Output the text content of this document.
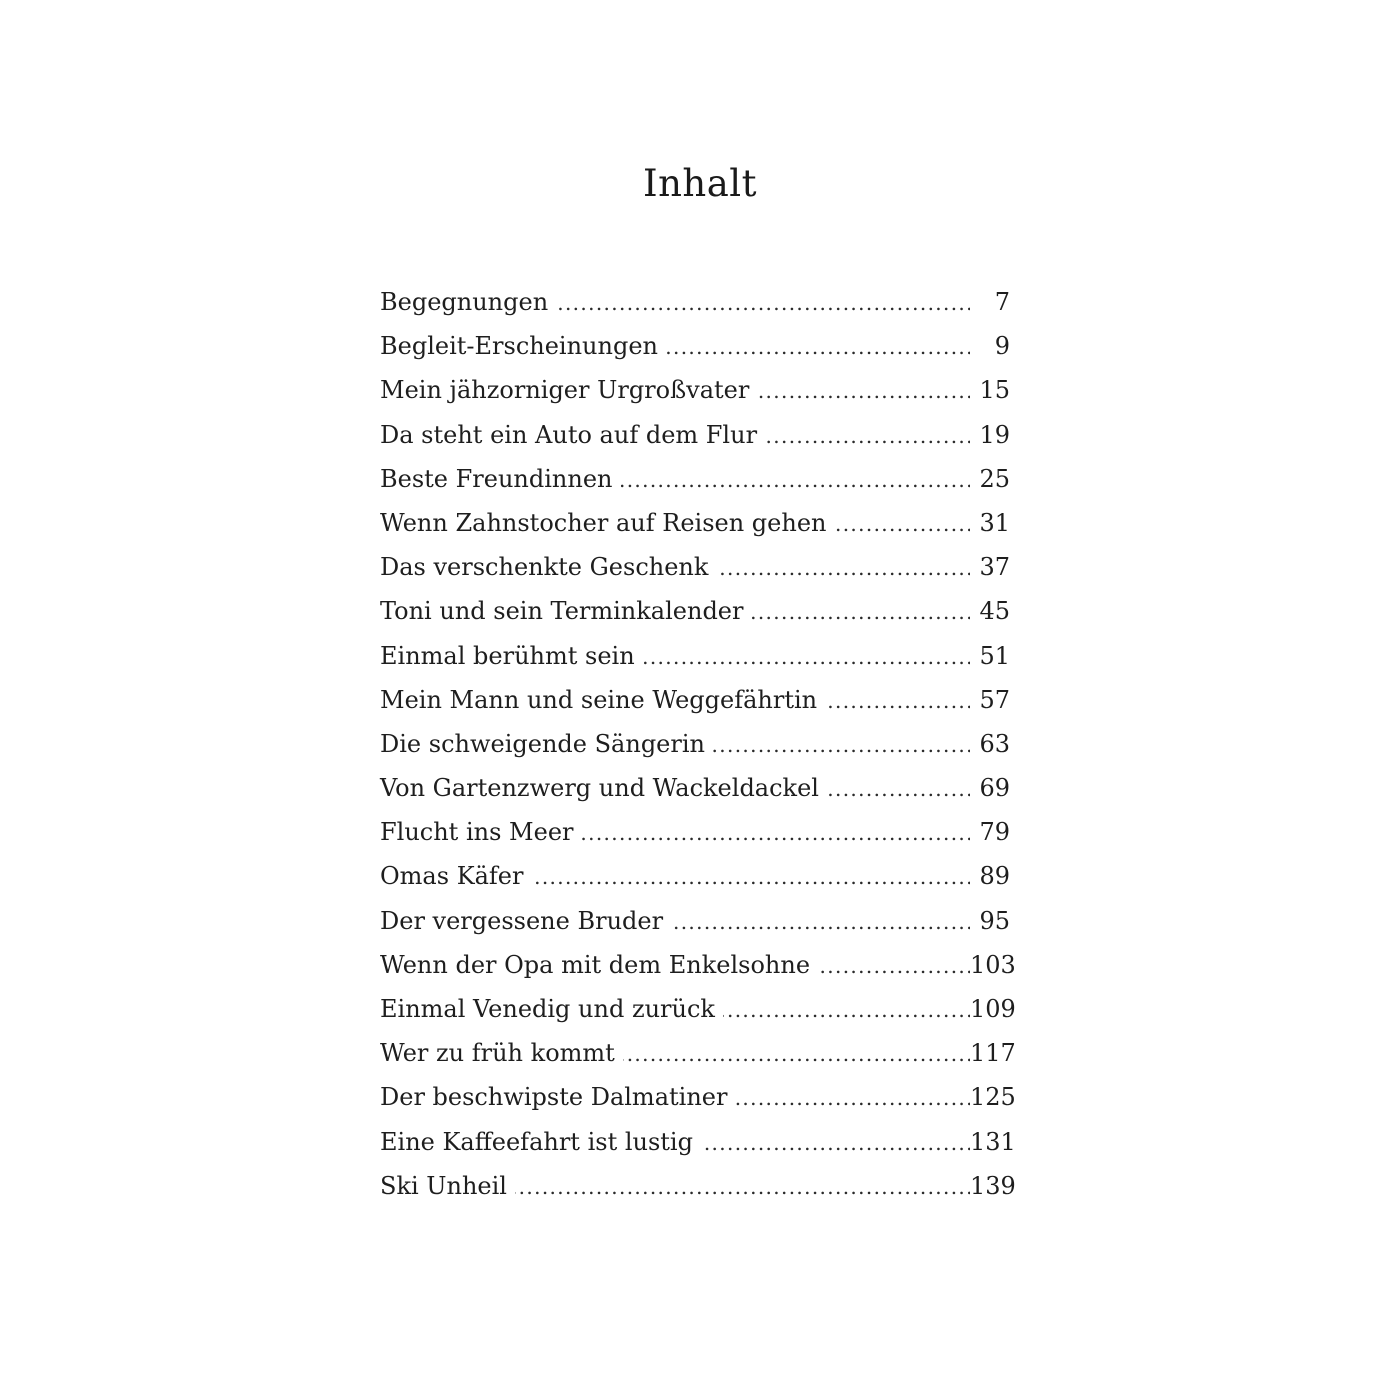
Inhalt
Begegnungen . . .	7
Begleit-Erscheinungen . . .	9
Mein jähzorniger Urgroßvater . . .	15
Da steht ein Auto auf dem Flur . . .	19
Beste Freundinnen . . .	25
Wenn Zahnstocher auf Reisen gehen . . .	31
Das verschenkte Geschenk . . .	37
Toni und sein Terminkalender . . .	45
Einmal berühmt sein . . .	51
Mein Mann und seine Weggefährtin . . .	57
Die schweigende Sängerin . . .	63
Von Gartenzwerg und Wackeldackel . . .	69
Flucht ins Meer . . .	79
Omas Käfer . . .	89
Der vergessene Bruder . . .	95
Wenn der Opa mit dem Enkelsohne . . .	103
Einmal Venedig und zurück . . .	109
Wer zu früh kommt . . .	117
Der beschwipste Dalmatiner . . .	125
Eine Kaffeefahrt ist lustig . . .	131
Ski Unheil . . .	139
